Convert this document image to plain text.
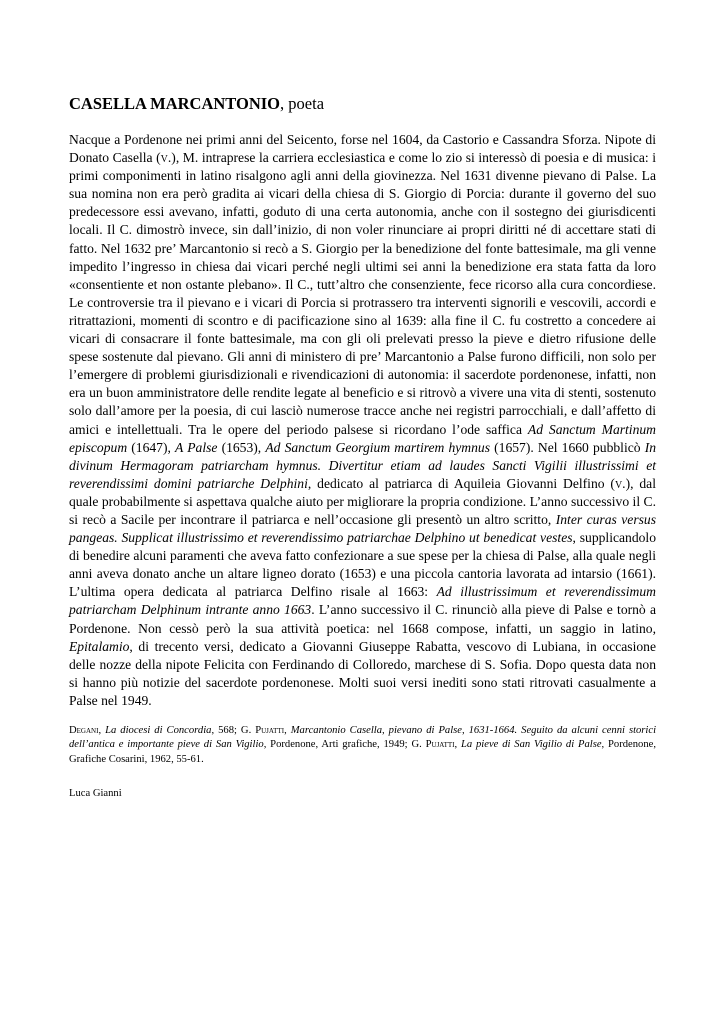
CASELLA MARCANTONIO, poeta

Nacque a Pordenone nei primi anni del Seicento, forse nel 1604, da Castorio e Cassandra Sforza. Nipote di Donato Casella (v.), M. intraprese la carriera ecclesiastica e come lo zio si interessò di poesia e di musica: i primi componimenti in latino risalgono agli anni della giovinezza. Nel 1631 divenne pievano di Palse. La sua nomina non era però gradita ai vicari della chiesa di S. Giorgio di Porcia: durante il governo del suo predecessore essi avevano, infatti, goduto di una certa autonomia, anche con il sostegno dei giurisdicenti locali. Il C. dimostrò invece, sin dall’inizio, di non voler rinunciare ai propri diritti né di accettare stati di fatto. Nel 1632 pre’ Marcantonio si recò a S. Giorgio per la benedizione del fonte battesimale, ma gli venne impedito l’ingresso in chiesa dai vicari perché negli ultimi sei anni la benedizione era stata fatta da loro «consentiente et non ostante plebano». Il C., tutt’altro che consenziente, fece ricorso alla cura concordiese. Le controversie tra il pievano e i vicari di Porcia si protrassero tra interventi signorili e vescovili, accordi e ritrattazioni, momenti di scontro e di pacificazione sino al 1639: alla fine il C. fu costretto a concedere ai vicari di consacrare il fonte battesimale, ma con gli oli prelevati presso la pieve e dietro rifusione delle spese sostenute dal pievano. Gli anni di ministero di pre’ Marcantonio a Palse furono difficili, non solo per l’emergere di problemi giurisdizionali e rivendicazioni di autonomia: il sacerdote pordenonese, infatti, non era un buon amministratore delle rendite legate al beneficio e si ritrovò a vivere una vita di stenti, sostenuto solo dall’amore per la poesia, di cui lasciò numerose tracce anche nei registri parrocchiali, e dall’affetto di amici e intellettuali. Tra le opere del periodo palsese si ricordano l’ode saffica Ad Sanctum Martinum episcopum (1647), A Palse (1653), Ad Sanctum Georgium martirem hymnus (1657). Nel 1660 pubblicò In divinum Hermagoram patriarcham hymnus. Divertitur etiam ad laudes Sancti Vigilii illustrissimi et reverendissimi domini patriarche Delphini, dedicato al patriarca di Aquileia Giovanni Delfino (v.), dal quale probabilmente si aspettava qualche aiuto per migliorare la propria condizione. L’anno successivo il C. si recò a Sacile per incontrare il patriarca e nell’occasione gli presentò un altro scritto, Inter curas versus pangeas. Supplicat illustrissimo et reverendissimo patriarchae Delphino ut benedicat vestes, supplicandolo di benedire alcuni paramenti che aveva fatto confezionare a sue spese per la chiesa di Palse, alla quale negli anni aveva donato anche un altare ligneo dorato (1653) e una piccola cantoria lavorata ad intarsio (1661). L’ultima opera dedicata al patriarca Delfino risale al 1663: Ad illustrissimum et reverendissimum patriarcham Delphinum intrante anno 1663. L’anno successivo il C. rinunciò alla pieve di Palse e tornò a Pordenone. Non cessò però la sua attività poetica: nel 1668 compose, infatti, un saggio in latino, Epitalamio, di trecento versi, dedicato a Giovanni Giuseppe Rabatta, vescovo di Lubiana, in occasione delle nozze della nipote Felicita con Ferdinando di Colloredo, marchese di S. Sofia. Dopo questa data non si hanno più notizie del sacerdote pordenonese. Molti suoi versi inediti sono stati ritrovati casualmente a Palse nel 1949.

Degani, La diocesi di Concordia, 568; G. Pujatti, Marcantonio Casella, pievano di Palse, 1631-1664. Seguito da alcuni cenni storici dell’antica e importante pieve di San Vigilio, Pordenone, Arti grafiche, 1949; G. Pujatti, La pieve di San Vigilio di Palse, Pordenone, Grafiche Cosarini, 1962, 55-61.

Luca Gianni
